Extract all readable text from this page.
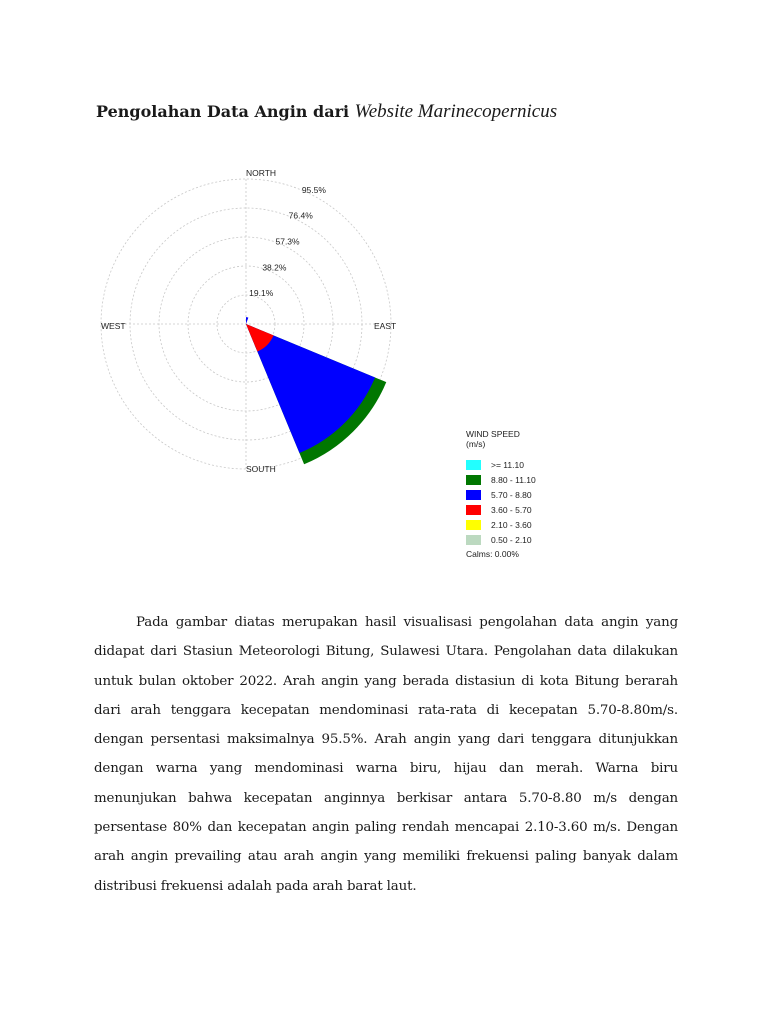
Pengolahan Data Angin dari Website Marinecopernicus
NORTH
EAST
SOUTH
WEST
19.1%
38.2%
57.3%
76.4%
95.5%
WIND SPEED
(m/s)
>= 11.10
8.80 - 11.10
5.70 - 8.80
3.60 - 5.70
2.10 - 3.60
0.50 - 2.10
Calms: 0.00%

Pada gambar diatas merupakan hasil visualisasi pengolahan data angin yang didapat dari Stasiun Meteorologi Bitung, Sulawesi Utara. Pengolahan data dilakukan untuk bulan oktober 2022. Arah angin yang berada distasiun di kota Bitung berarah dari arah tenggara kecepatan mendominasi rata-rata di kecepatan 5.70-8.80m/s. dengan persentasi maksimalnya 95.5%. Arah angin yang dari tenggara ditunjukkan dengan warna yang mendominasi warna biru, hijau dan merah. Warna biru menunjukan bahwa kecepatan anginnya berkisar antara 5.70-8.80 m/s dengan persentase 80% dan kecepatan angin paling rendah mencapai 2.10-3.60 m/s. Dengan arah angin prevailing atau arah angin yang memiliki frekuensi paling banyak dalam distribusi frekuensi adalah pada arah barat laut.
